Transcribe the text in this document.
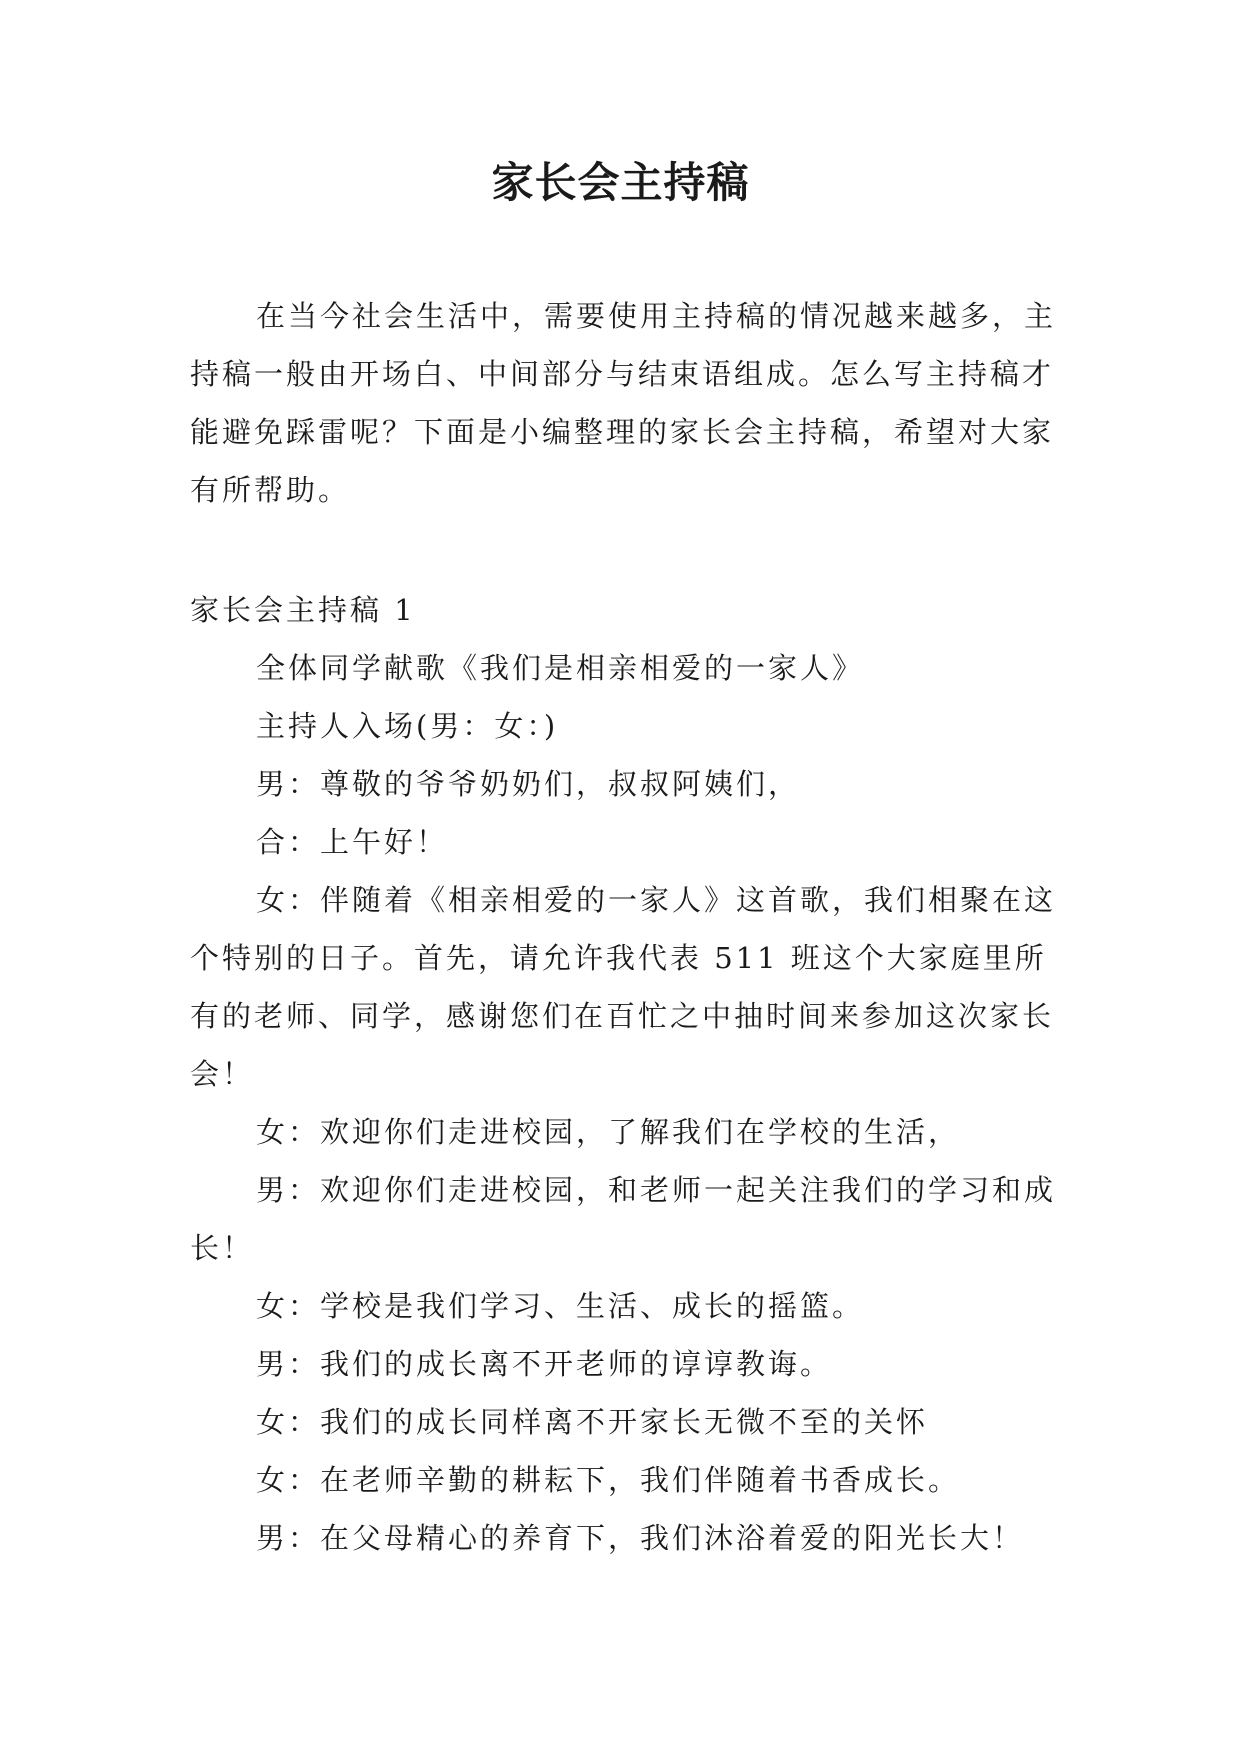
家长会主持稿

在当今社会生活中，需要使用主持稿的情况越来越多，主持稿一般由开场白、中间部分与结束语组成。怎么写主持稿才能避免踩雷呢？下面是小编整理的家长会主持稿，希望对大家有所帮助。

家长会主持稿 1

全体同学献歌《我们是相亲相爱的一家人》

主持人入场(男：女：)

男：尊敬的爷爷奶奶们，叔叔阿姨们，

合：上午好！

女：伴随着《相亲相爱的一家人》这首歌，我们相聚在这个特别的日子。首先，请允许我代表 511 班这个大家庭里所有的老师、同学，感谢您们在百忙之中抽时间来参加这次家长会！

女：欢迎你们走进校园，了解我们在学校的生活，

男：欢迎你们走进校园，和老师一起关注我们的学习和成长！

女：学校是我们学习、生活、成长的摇篮。

男：我们的成长离不开老师的谆谆教诲。

女：我们的成长同样离不开家长无微不至的关怀

女：在老师辛勤的耕耘下，我们伴随着书香成长。

男：在父母精心的养育下，我们沐浴着爱的阳光长大！
